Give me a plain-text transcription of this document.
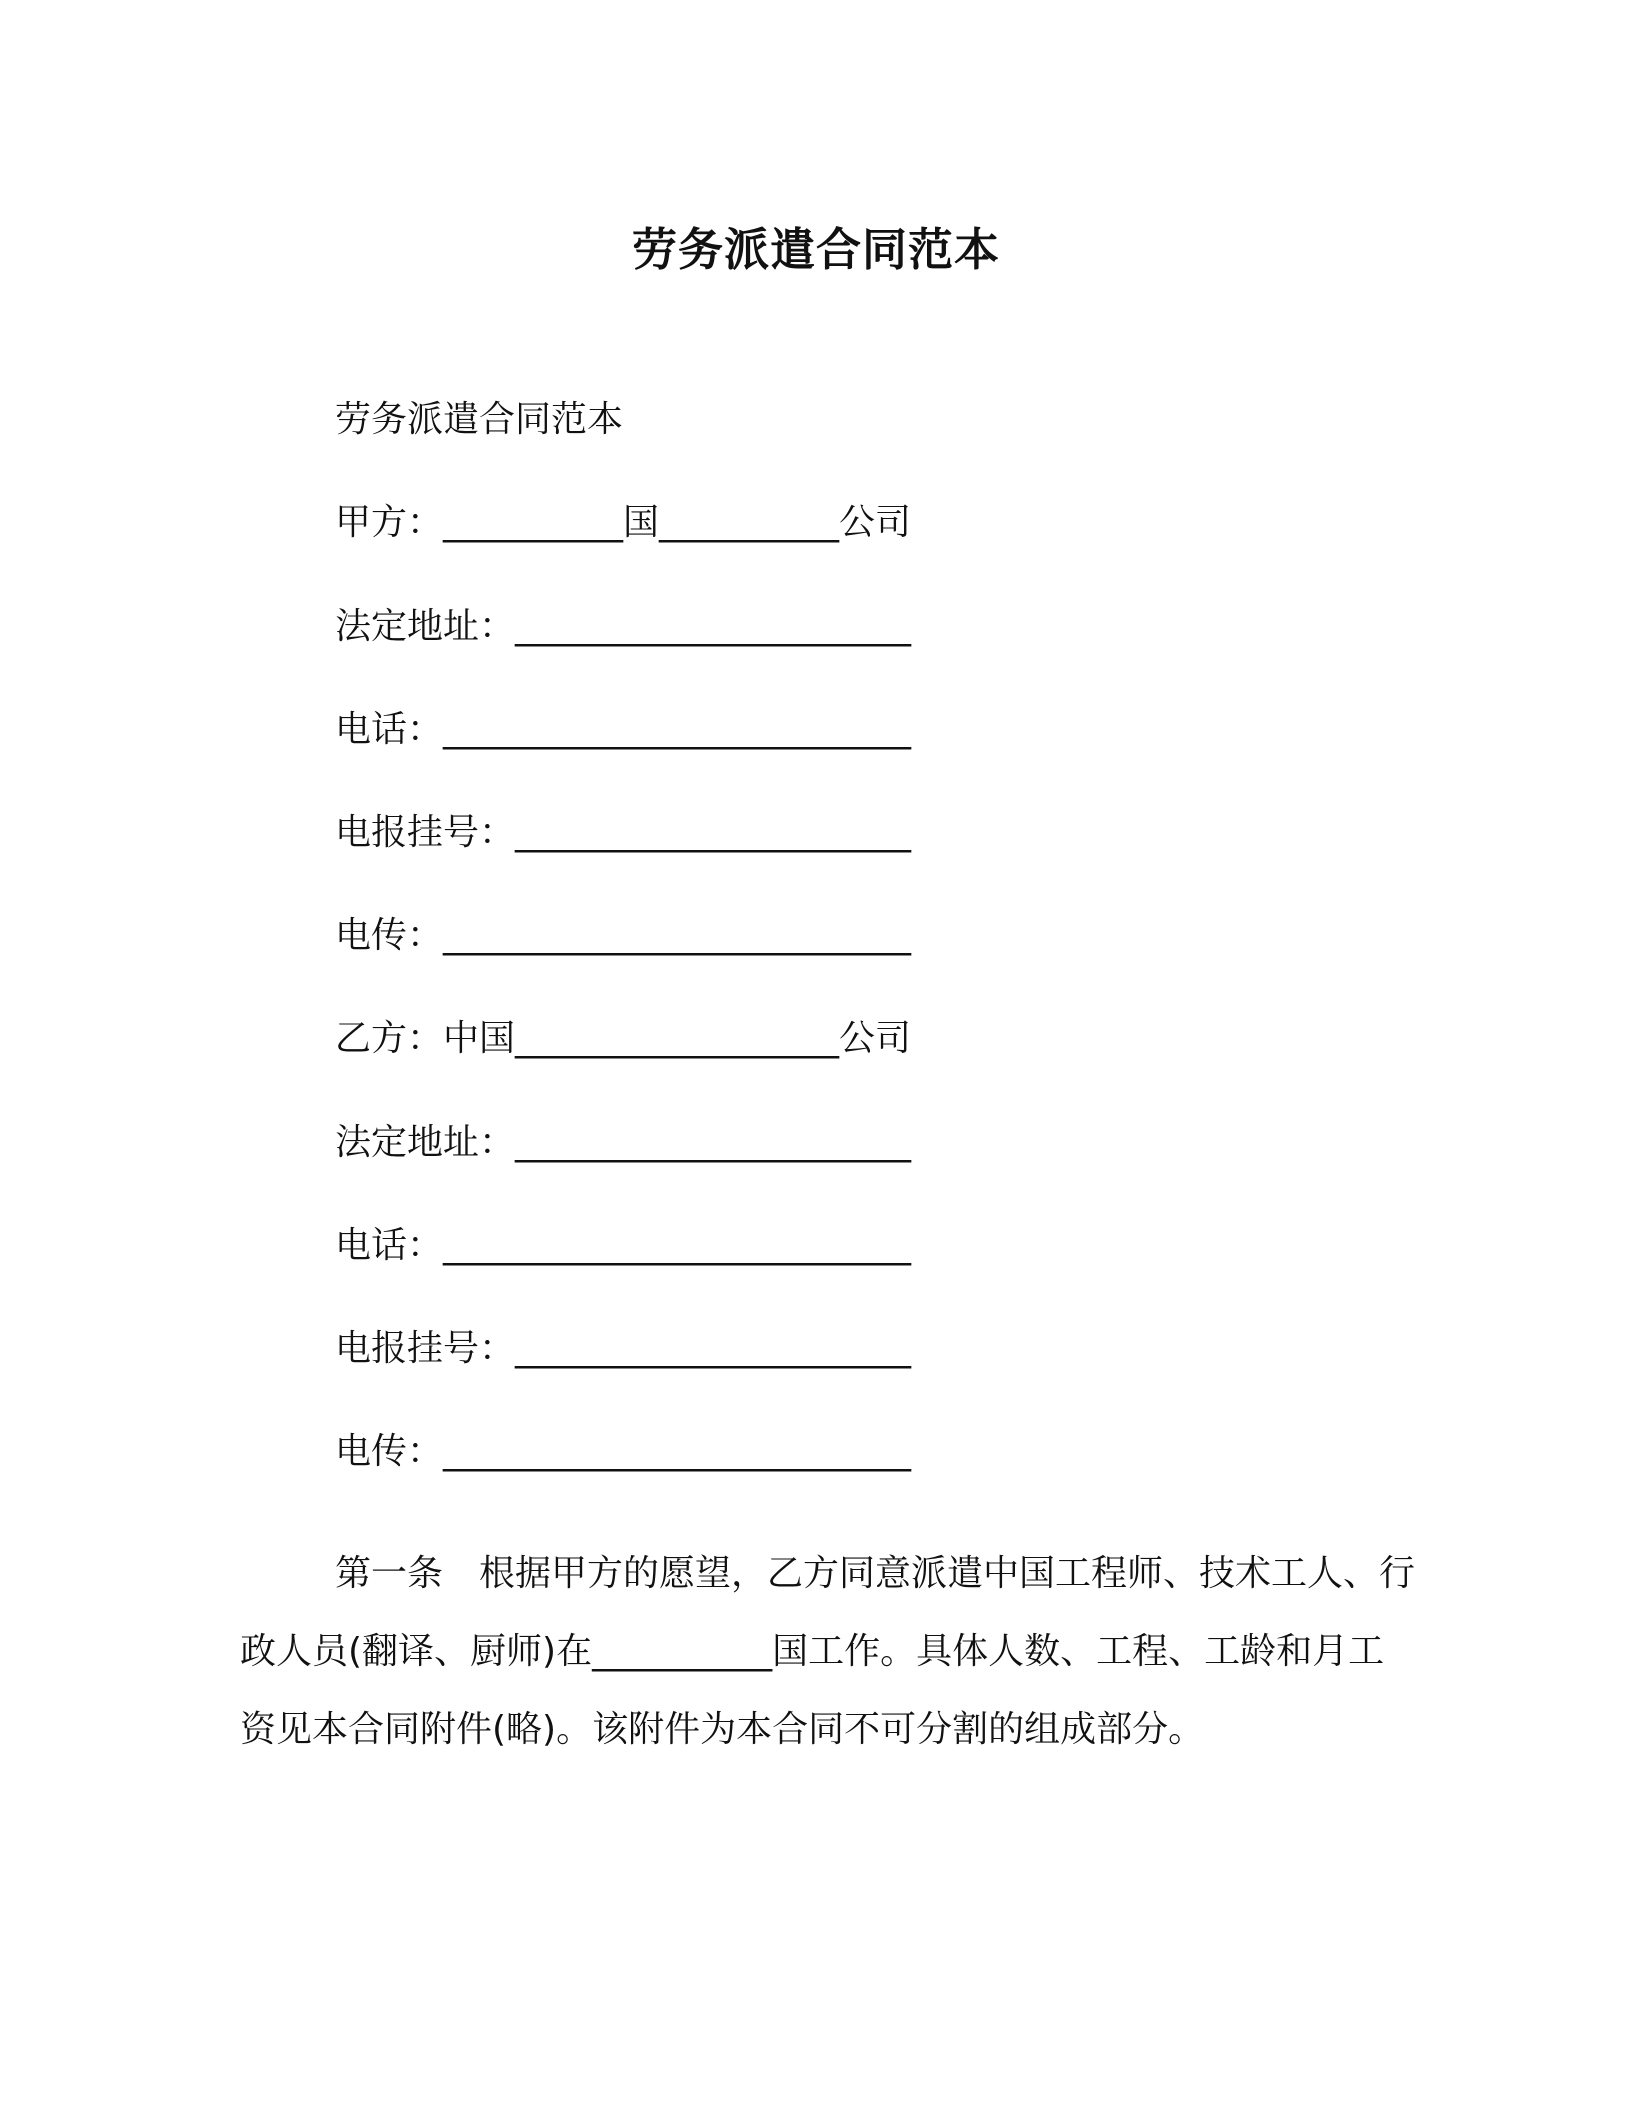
劳务派遣合同范本

劳务派遣合同范本

甲方：__________国__________公司

法定地址：______________________

电话：__________________________

电报挂号：______________________

电传：__________________________

乙方：中国__________________公司

法定地址：______________________

电话：__________________________

电报挂号：______________________

电传：__________________________

第一条 根据甲方的愿望，乙方同意派遣中国工程师、技术工人、行政人员(翻译、厨师)在__________国工作。具体人数、工程、工龄和月工资见本合同附件(略)。该附件为本合同不可分割的组成部分。
